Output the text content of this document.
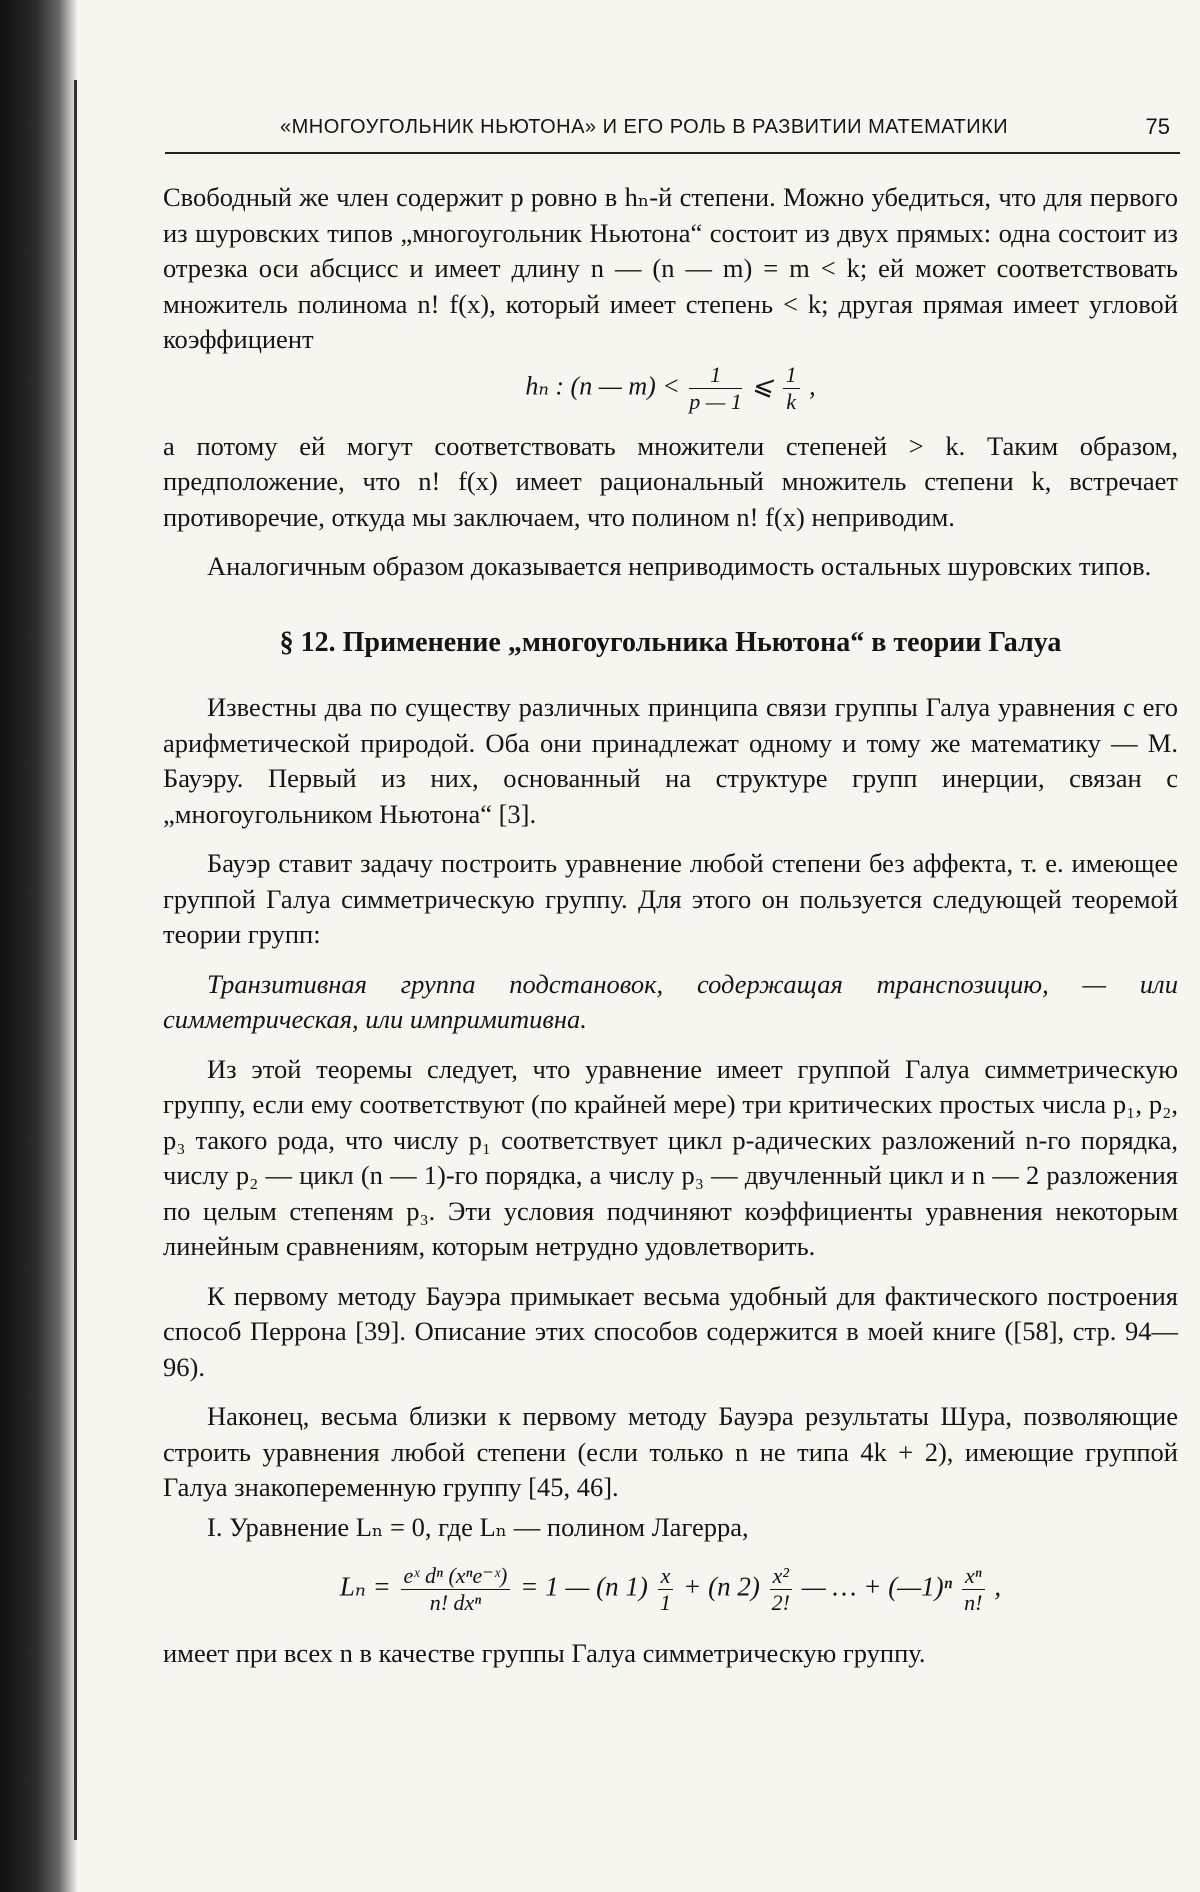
«МНОГОУГОЛЬНИК НЬЮТОНА» И ЕГО РОЛЬ В РАЗВИТИИ МАТЕМАТИКИ	75

Свободный же член содержит p ровно в hₙ-й степени. Можно убедиться, что для первого из шуровских типов „многоугольник Ньютона“ состоит из двух прямых: одна состоит из отрезка оси абсцисс и имеет длину n — (n — m) = m < k; ей может соответствовать множитель полинома n! f(x), который имеет степень < k; другая прямая имеет угловой коэффициент

hₙ : (n — $m) < \frac{1}{p — 1}$ ⩽ $\frac{1}{k}$ ,

а потому ей могут соответствовать множители степеней > k. Таким образом, предположение, что n! f(x) имеет рациональный множитель степени k, встречает противоречие, откуда мы заключаем, что полином n! f(x) неприводим.

Аналогичным образом доказывается неприводимость остальных шуровских типов.

§ 12. Применение „многоугольника Ньютона“ в теории Галуа

Известны два по существу различных принципа связи группы Галуа уравнения с его арифметической природой. Оба они принадлежат одному и тому же математику — М. Бауэру. Первый из них, основанный на структуре групп инерции, связан с „многоугольником Ньютона“ [3].

Бауэр ставит задачу построить уравнение любой степени без аффекта, т. е. имеющее группой Галуа симметрическую группу. Для этого он пользуется следующей теоремой теории групп:

Транзитивная группа подстановок, содержащая транспозицию, — или симметрическая, или импримитивна.

Из этой теоремы следует, что уравнение имеет группой Галуа симметрическую группу, если ему соответствуют (по крайней мере) три критических простых числа p₁, p₂, p₃ такого рода, что числу p₁ соответствует цикл p-адических разложений n-го порядка, числу p₂ — цикл (n — 1)-го порядка, а числу p₃ — двучленный цикл и n — 2 разложения по целым степеням p₃. Эти условия подчиняют коэффициенты уравнения некоторым линейным сравнениям, которым нетрудно удовлетворить.

К первому методу Бауэра примыкает весьма удобный для фактического построения способ Перрона [39]. Описание этих способов содержится в моей книге ([58], стр. 94—96).

Наконец, весьма близки к первому методу Бауэра результаты Шура, позволяющие строить уравнения любой степени (если только n не типа 4k + 2), имеющие группой Галуа знакопеременную группу [45, 46].

I. Уравнение Lₙ = 0, где Lₙ — полином Лагерра,

$L_n = \frac{\text{eˣ dⁿ (xⁿe⁻ˣ)}}{\text{n! dxⁿ}} = 1$ — (n $1) \frac{x}{1} + (n$ $2) \frac{\text{x²}}{2!}$ — … + (—1)ⁿ $\frac{\text{xⁿ}}{n!}$ ,

имеет при всех n в качестве группы Галуа симметрическую группу.
